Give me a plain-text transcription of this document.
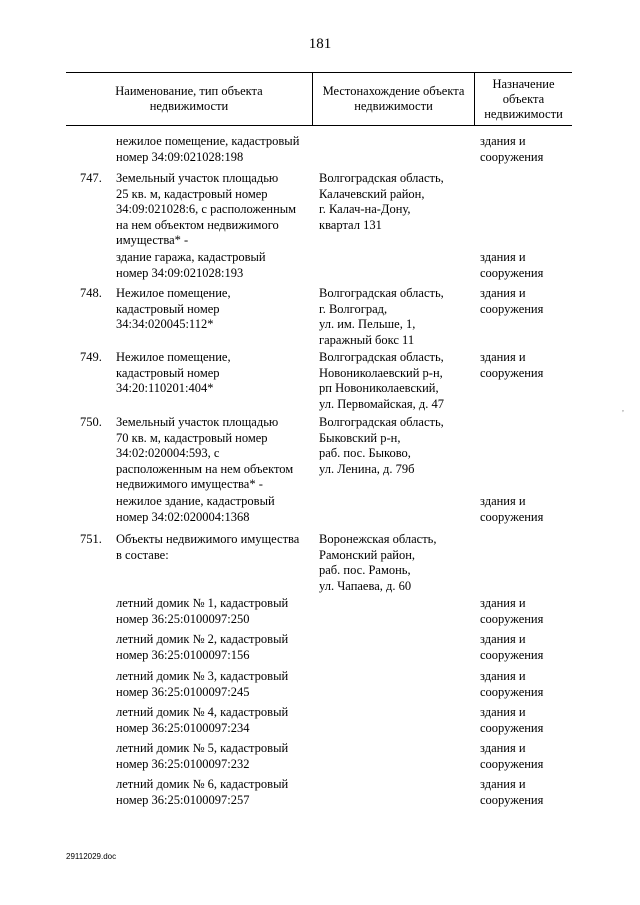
181
Наименование, тип объекта
недвижимости
Местонахождение объекта
недвижимости
Назначение
объекта
недвижимости
нежилое помещение, кадастровый
номер 34:09:021028:198
здания и
сооружения
747. Земельный участок площадью
25 кв. м, кадастровый номер
34:09:021028:6, с расположенным
на нем объектом недвижимого
имущества* -
Волгоградская область,
Калачевский район,
г. Калач-на-Дону,
квартал 131
здание гаража, кадастровый
номер 34:09:021028:193
здания и
сооружения
748. Нежилое помещение,
кадастровый номер
34:34:020045:112*
Волгоградская область,
г. Волгоград,
ул. им. Пельше, 1,
гаражный бокс 11
здания и
сооружения
749. Нежилое помещение,
кадастровый номер
34:20:110201:404*
Волгоградская область,
Новониколаевский р-н,
рп Новониколаевский,
ул. Первомайская, д. 47
здания и
сооружения
750. Земельный участок площадью
70 кв. м, кадастровый номер
34:02:020004:593, с
расположенным на нем объектом
недвижимого имущества* -
Волгоградская область,
Быковский р-н,
раб. пос. Быково,
ул. Ленина, д. 79б
нежилое здание, кадастровый
номер 34:02:020004:1368
здания и
сооружения
751. Объекты недвижимого имущества
в составе:
Воронежская область,
Рамонский район,
раб. пос. Рамонь,
ул. Чапаева, д. 60
летний домик № 1, кадастровый
номер 36:25:0100097:250
здания и
сооружения
летний домик № 2, кадастровый
номер 36:25:0100097:156
здания и
сооружения
летний домик № 3, кадастровый
номер 36:25:0100097:245
здания и
сооружения
летний домик № 4, кадастровый
номер 36:25:0100097:234
здания и
сооружения
летний домик № 5, кадастровый
номер 36:25:0100097:232
здания и
сооружения
летний домик № 6, кадастровый
номер 36:25:0100097:257
здания и
сооружения
,
29112029.doc
